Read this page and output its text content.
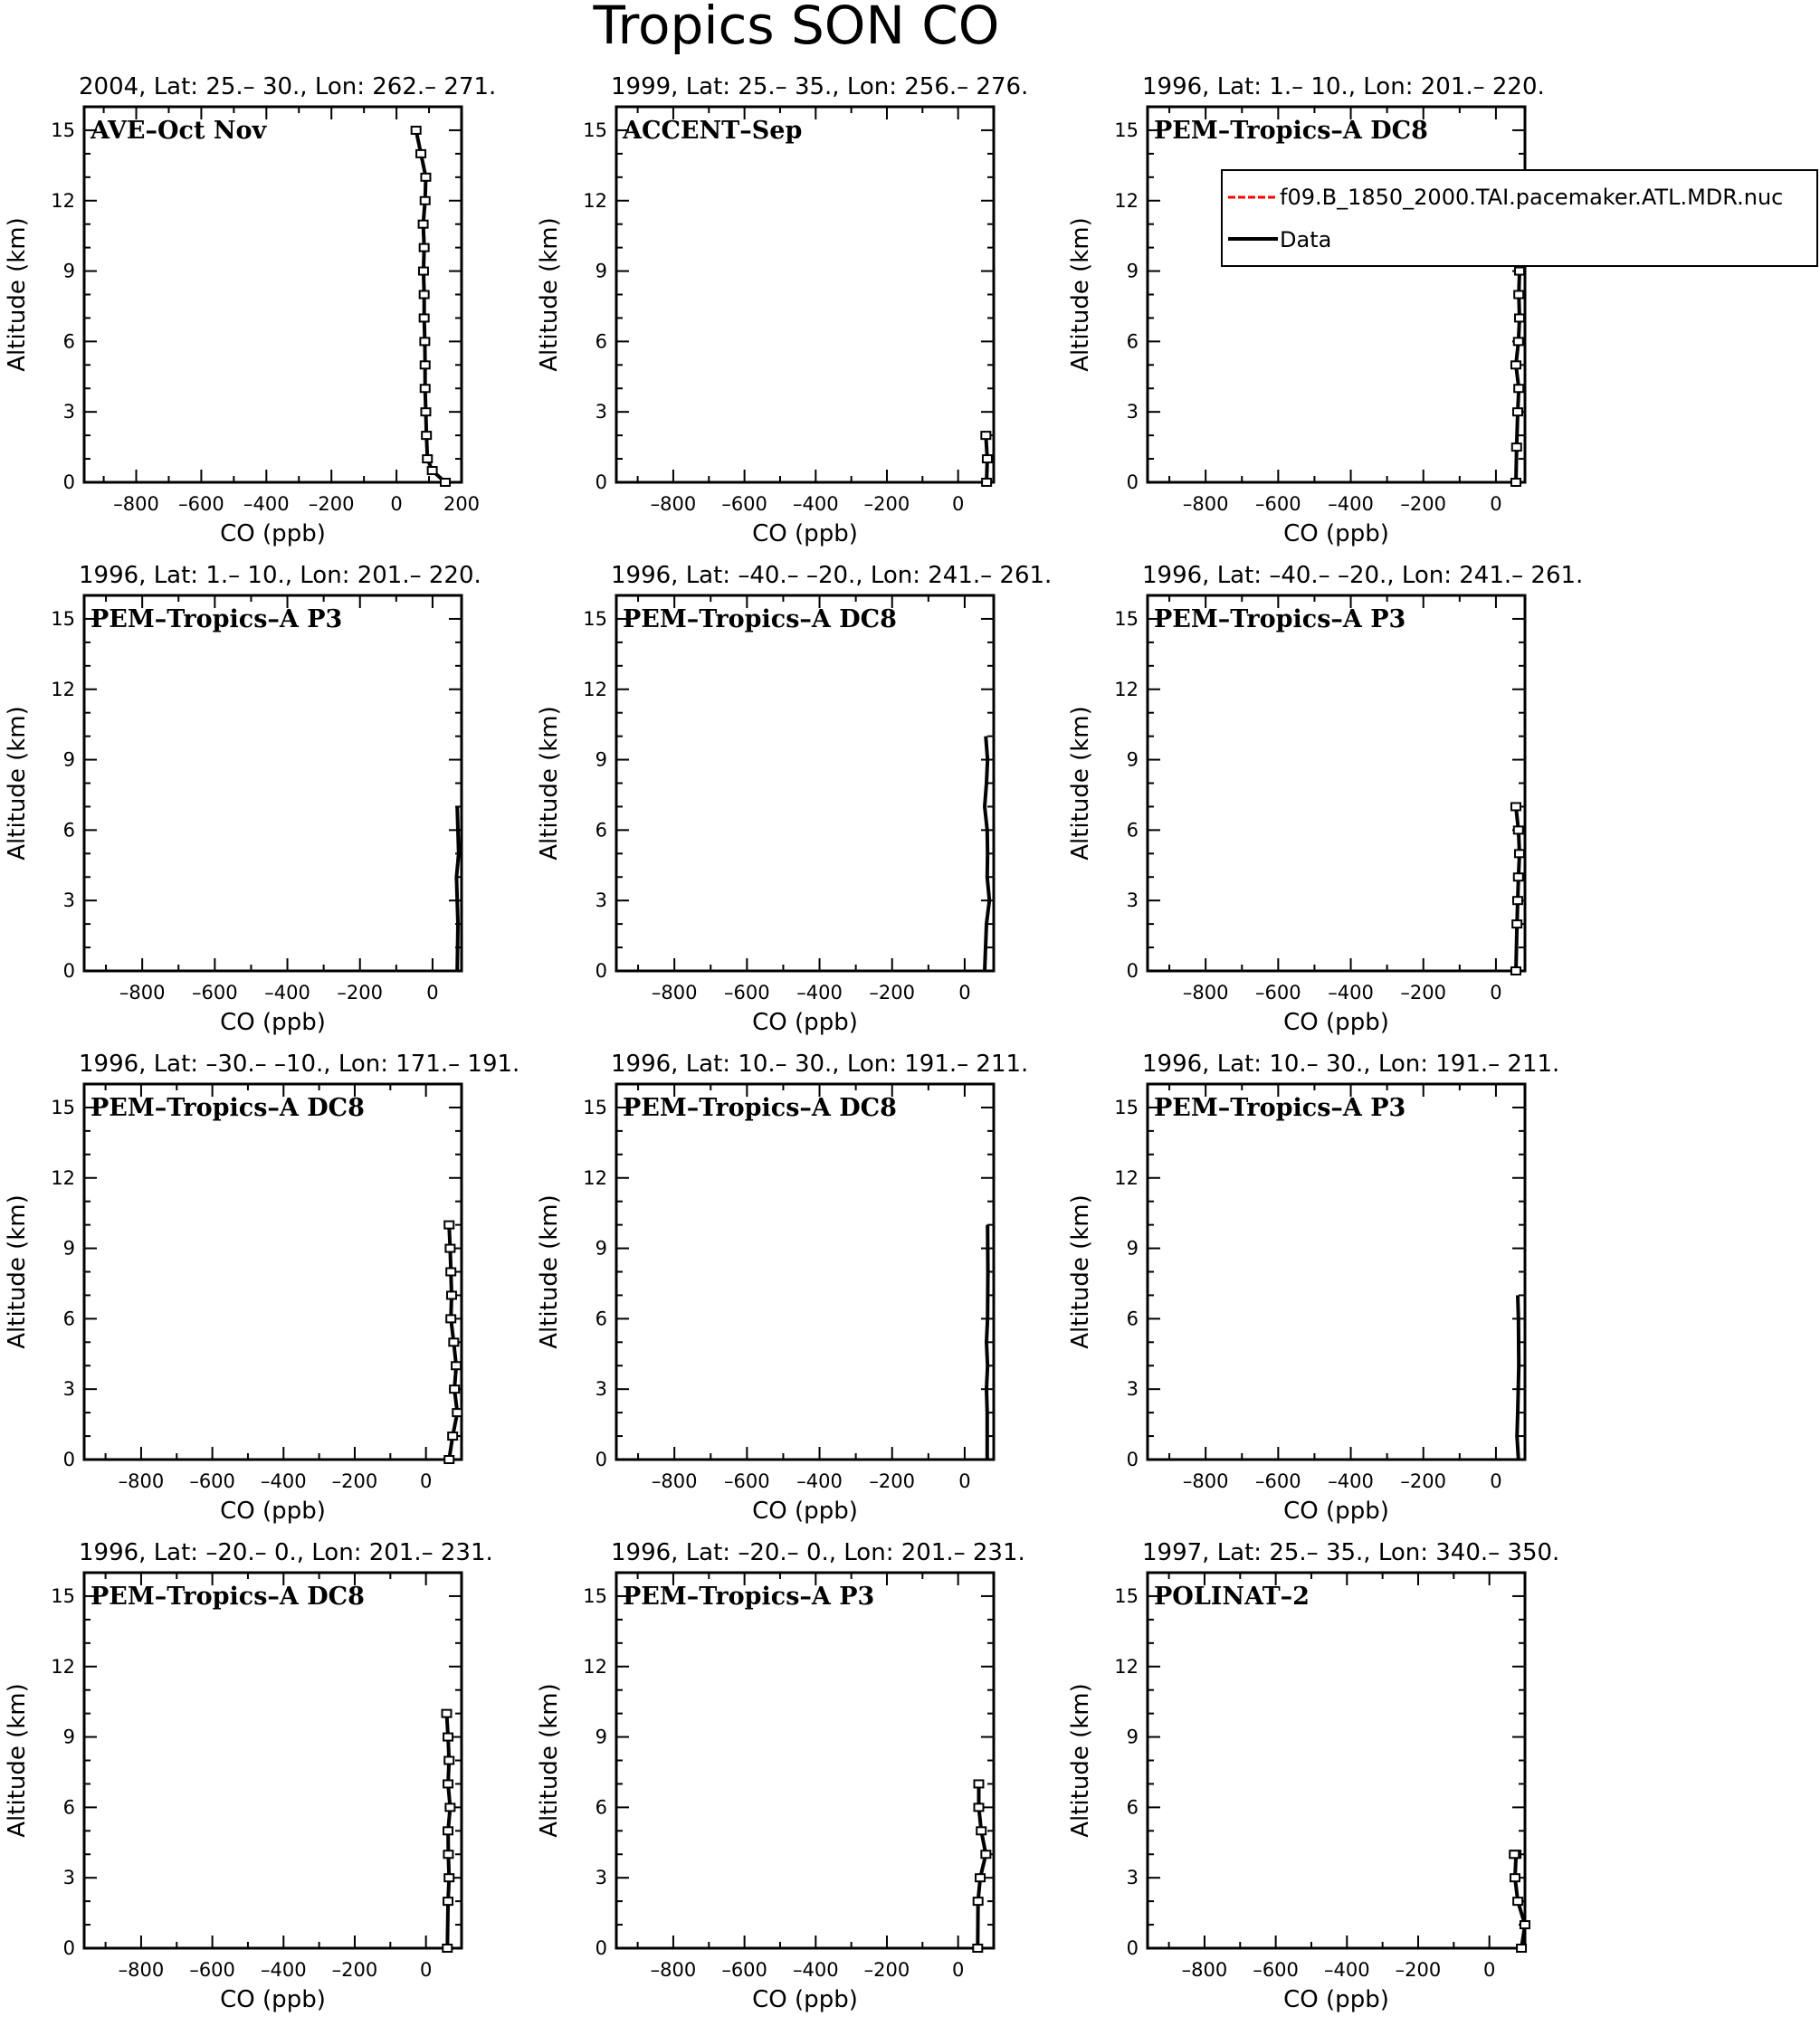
Tropics SON CO
2004, Lat: 25.– 30., Lon: 262.– 271.
AVE–Oct Nov
0
3
6
9
12
15
–800 –600 –400 –200 0 200
CO (ppb)
Altitude (km)
1999, Lat: 25.– 35., Lon: 256.– 276.
ACCENT–Sep
0
3
6
9
12
15
–800 –600 –400 –200 0
CO (ppb)
Altitude (km)
1996, Lat: 1.– 10., Lon: 201.– 220.
PEM–Tropics–A DC8
0
3
6
9
12
15
–800 –600 –400 –200 0
CO (ppb)
Altitude (km)
1996, Lat: 1.– 10., Lon: 201.– 220.
PEM–Tropics–A P3
0
3
6
9
12
15
–800 –600 –400 –200 0
CO (ppb)
Altitude (km)
1996, Lat: –40.– –20., Lon: 241.– 261.
PEM–Tropics–A DC8
0
3
6
9
12
15
–800 –600 –400 –200 0
CO (ppb)
Altitude (km)
1996, Lat: –40.– –20., Lon: 241.– 261.
PEM–Tropics–A P3
0
3
6
9
12
15
–800 –600 –400 –200 0
CO (ppb)
Altitude (km)
1996, Lat: –30.– –10., Lon: 171.– 191.
PEM–Tropics–A DC8
0
3
6
9
12
15
–800 –600 –400 –200 0
CO (ppb)
Altitude (km)
1996, Lat: 10.– 30., Lon: 191.– 211.
PEM–Tropics–A DC8
0
3
6
9
12
15
–800 –600 –400 –200 0
CO (ppb)
Altitude (km)
1996, Lat: 10.– 30., Lon: 191.– 211.
PEM–Tropics–A P3
0
3
6
9
12
15
–800 –600 –400 –200 0
CO (ppb)
Altitude (km)
1996, Lat: –20.– 0., Lon: 201.– 231.
PEM–Tropics–A DC8
0
3
6
9
12
15
–800 –600 –400 –200 0
CO (ppb)
Altitude (km)
1996, Lat: –20.– 0., Lon: 201.– 231.
PEM–Tropics–A P3
0
3
6
9
12
15
–800 –600 –400 –200 0
CO (ppb)
Altitude (km)
1997, Lat: 25.– 35., Lon: 340.– 350.
POLINAT–2
0
3
6
9
12
15
–800 –600 –400 –200 0
CO (ppb)
Altitude (km)
f09.B_1850_2000.TAI.pacemaker.ATL.MDR.nuc
Data
